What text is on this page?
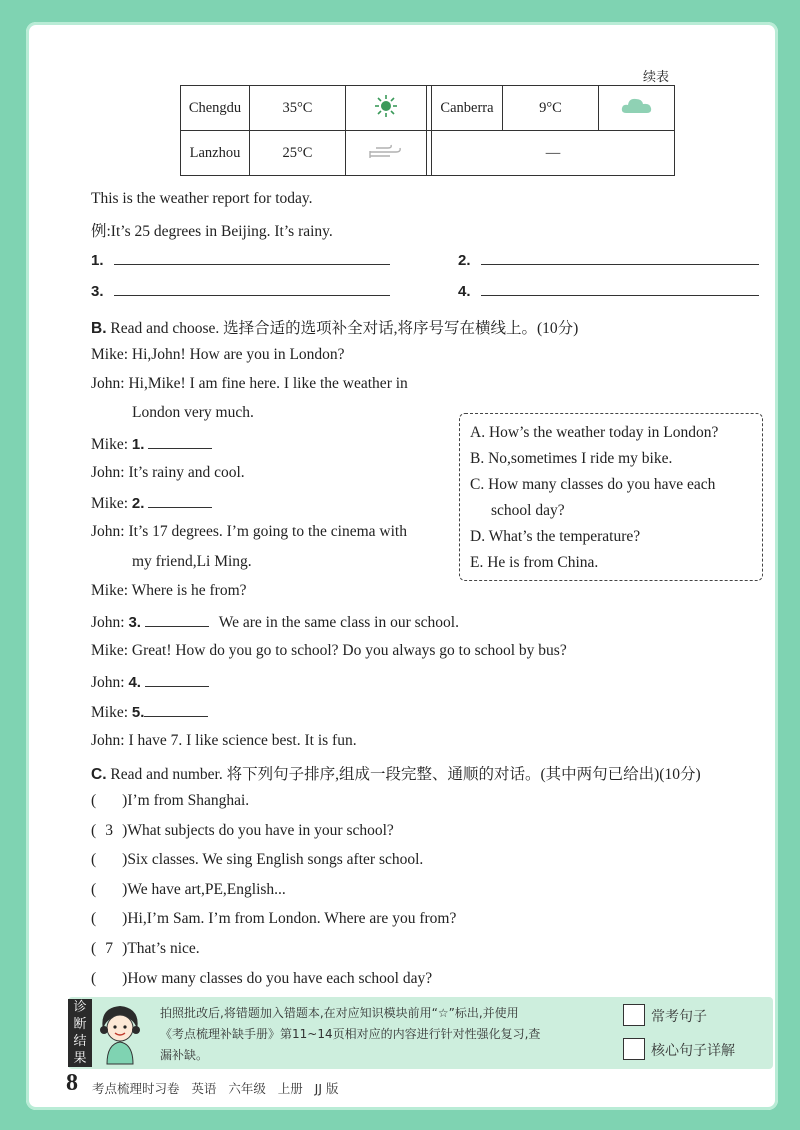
续表
Chengdu	35°C			Canberra	9°C	
Lanzhou	25°C			—		
This is the weather report for today.
例:It’s 25 degrees in Beijing. It’s rainy.
1.	2.
3.	4.
B. Read and choose. 选择合适的选项补全对话,将序号写在横线上。(10分)
Mike: Hi,John! How are you in London?
John: Hi,Mike! I am fine here. I like the weather in
London very much.
Mike: 1.
John: It’s rainy and cool.
Mike: 2.
John: It’s 17 degrees. I’m going to the cinema with
my friend,Li Ming.
Mike: Where is he from?
John: 3.	We are in the same class in our school.
Mike: Great! How do you go to school? Do you always go to school by bus?
John: 4.
Mike: 5.
John: I have 7. I like science best. It is fun.
A. How’s the weather today in London?
B. No,sometimes I ride my bike.
C. How many classes do you have each
school day?
D. What’s the temperature?
E. He is from China.
C. Read and number. 将下列句子排序,组成一段完整、通顺的对话。(其中两句已给出)(10分)
( )I’m from Shanghai.
( 3 )What subjects do you have in your school?
( )Six classes. We sing English songs after school.
( )We have art,PE,English...
( )Hi,I’m Sam. I’m from London. Where are you from?
( 7 )That’s nice.
( )How many classes do you have each school day?
诊
断
结
果
拍照批改后,将错题加入错题本,在对应知识模块前用“☆”标出,并使用
《考点梳理补缺手册》第11~14页相对应的内容进行针对性强化复习,查
漏补缺。
常考句子
核心句子详解
8 考点梳理时习卷   英语   六年级   上册   JJ 版
